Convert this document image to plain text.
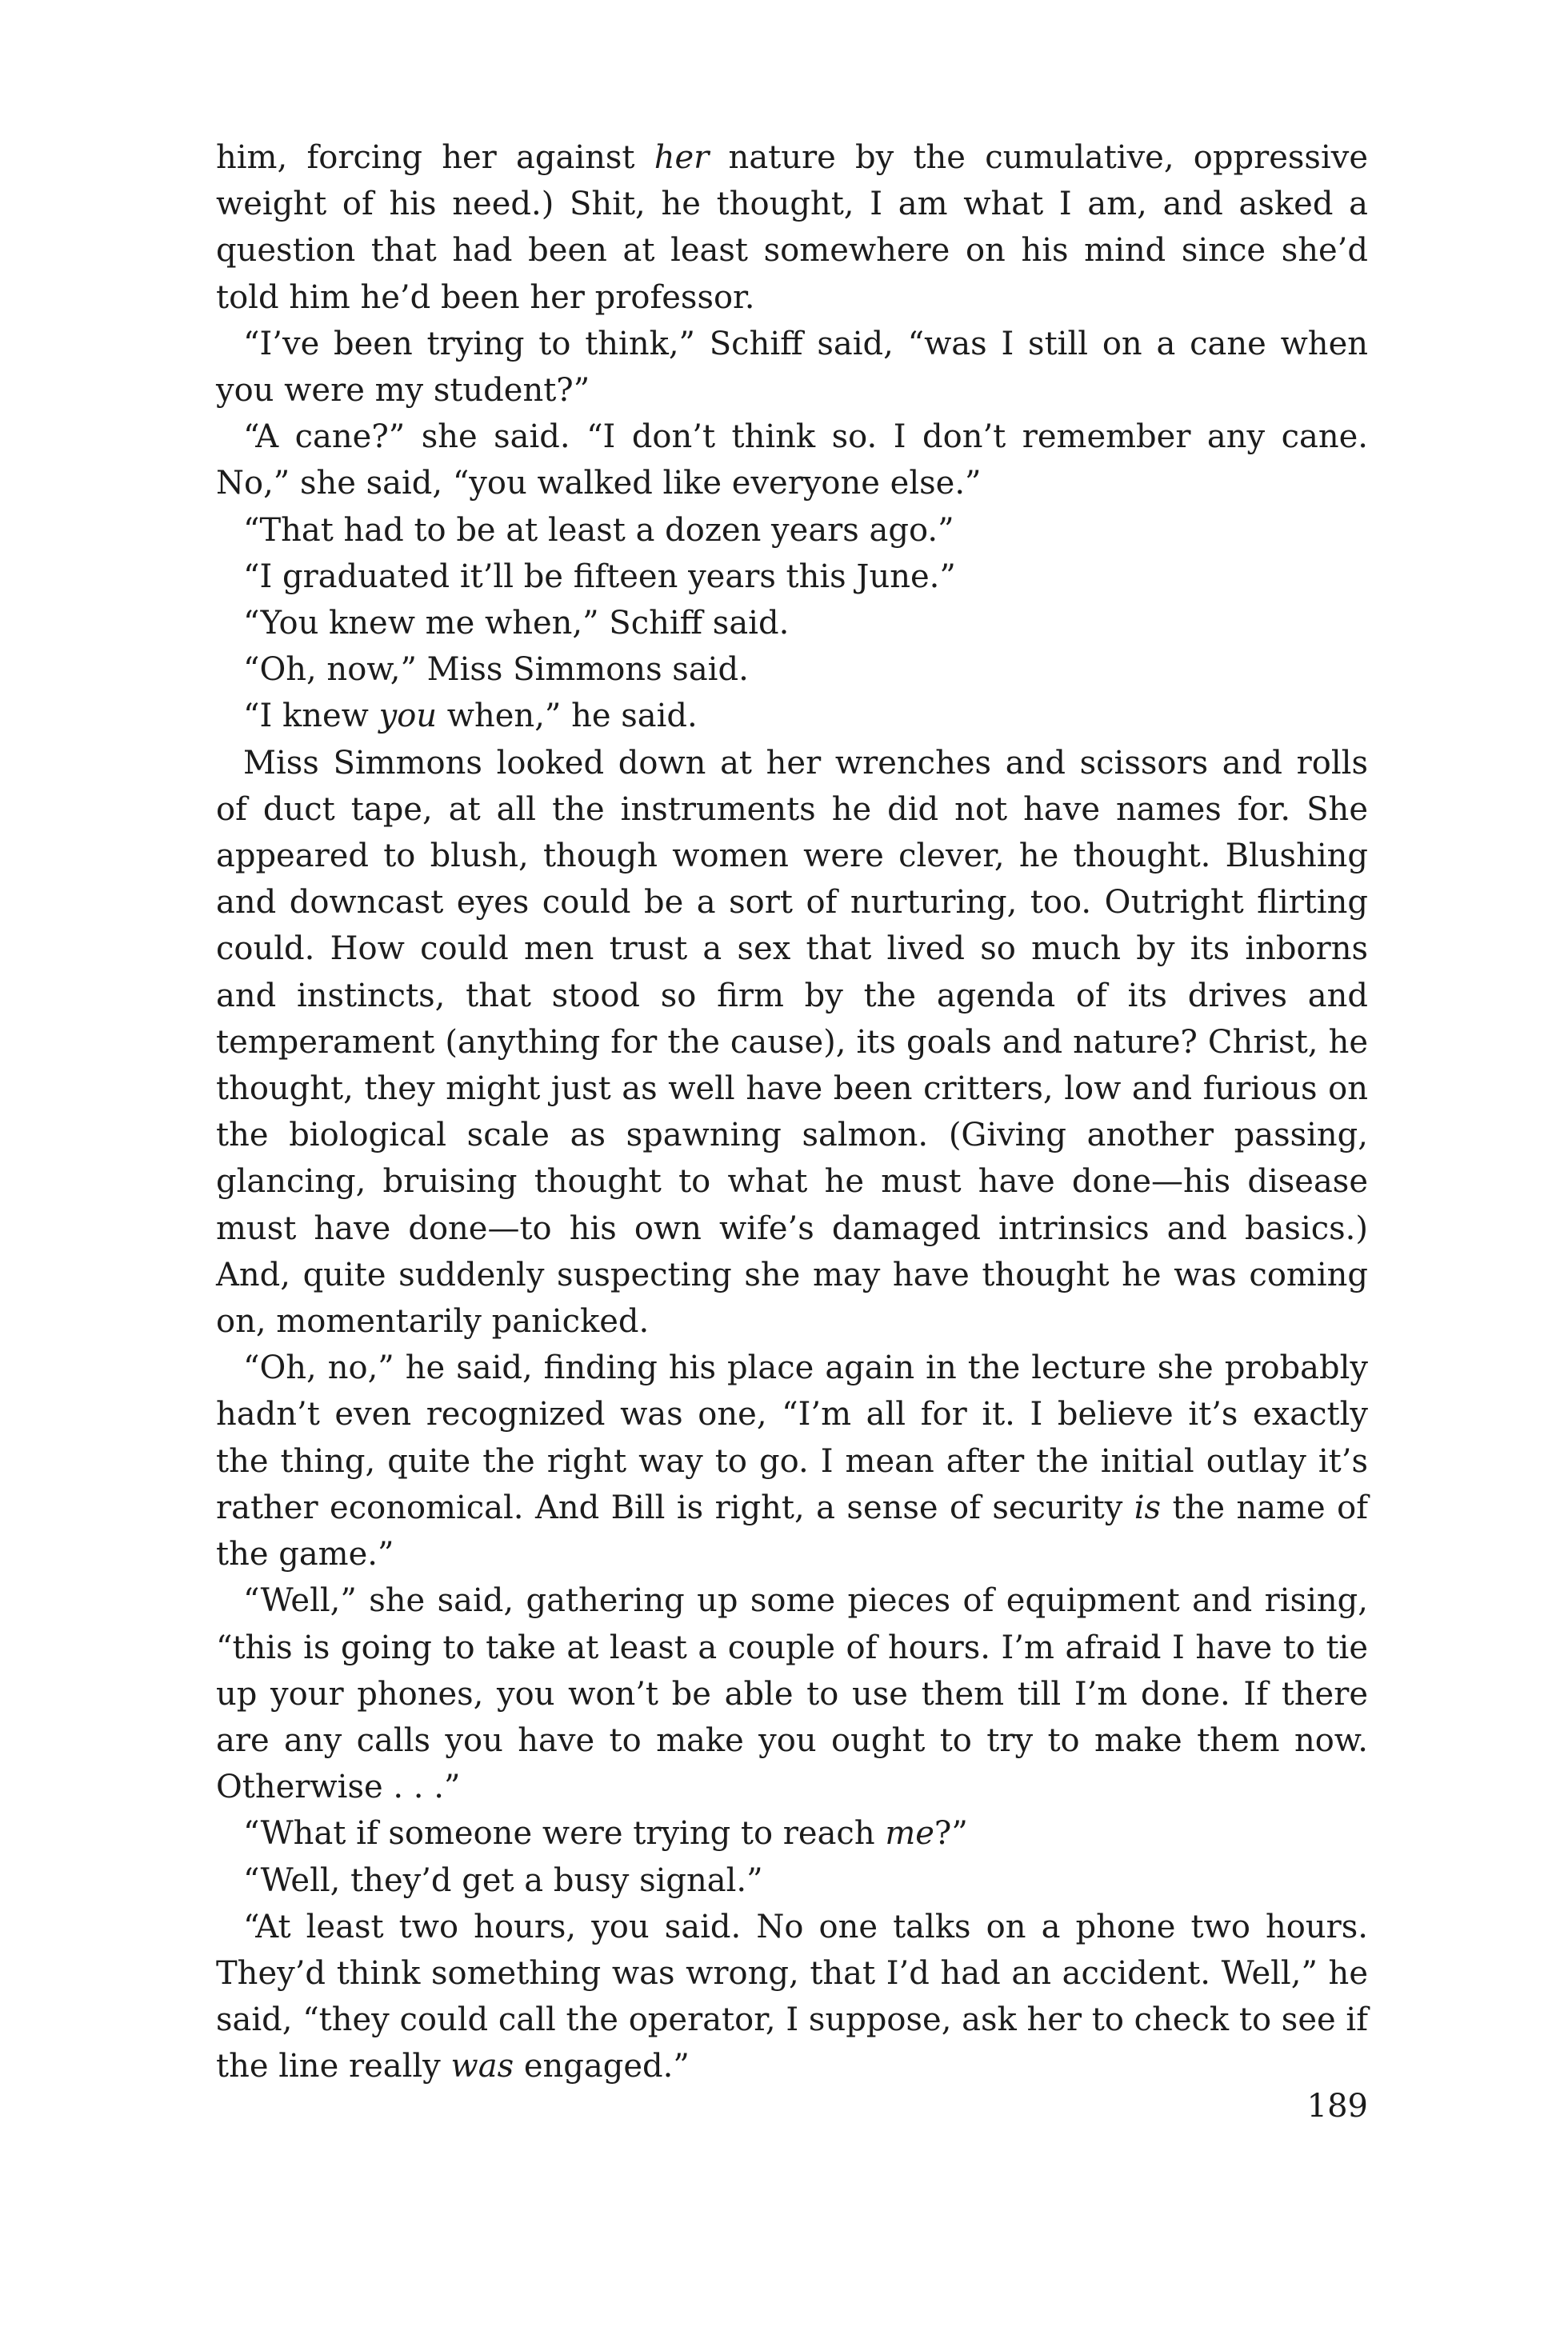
him, forcing her against her nature by the cumulative, oppressive weight of his need.) Shit, he thought, I am what I am, and asked a question that had been at least somewhere on his mind since she’d told him he’d been her professor.

“I’ve been trying to think,” Schiff said, “was I still on a cane when you were my student?”

“A cane?” she said. “I don’t think so. I don’t remember any cane. No,” she said, “you walked like everyone else.”

“That had to be at least a dozen years ago.”

“I graduated it’ll be fifteen years this June.”

“You knew me when,” Schiff said.

“Oh, now,” Miss Simmons said.

“I knew you when,” he said.

Miss Simmons looked down at her wrenches and scissors and rolls of duct tape, at all the instruments he did not have names for. She appeared to blush, though women were clever, he thought. Blushing and downcast eyes could be a sort of nurturing, too. Outright flirting could. How could men trust a sex that lived so much by its inborns and instincts, that stood so firm by the agenda of its drives and temperament (anything for the cause), its goals and nature? Christ, he thought, they might just as well have been critters, low and furious on the biological scale as spawning salmon. (Giving another passing, glancing, bruising thought to what he must have done—his disease must have done—to his own wife’s damaged intrinsics and basics.) And, quite suddenly suspecting she may have thought he was coming on, momentarily panicked.

“Oh, no,” he said, finding his place again in the lecture she probably hadn’t even recognized was one, “I’m all for it. I believe it’s exactly the thing, quite the right way to go. I mean after the initial outlay it’s rather economical. And Bill is right, a sense of security is the name of the game.”

“Well,” she said, gathering up some pieces of equipment and rising, “this is going to take at least a couple of hours. I’m afraid I have to tie up your phones, you won’t be able to use them till I’m done. If there are any calls you have to make you ought to try to make them now. Otherwise . . .”

“What if someone were trying to reach me?”

“Well, they’d get a busy signal.”

“At least two hours, you said. No one talks on a phone two hours. They’d think something was wrong, that I’d had an accident. Well,” he said, “they could call the operator, I suppose, ask her to check to see if the line really was engaged.”

189
